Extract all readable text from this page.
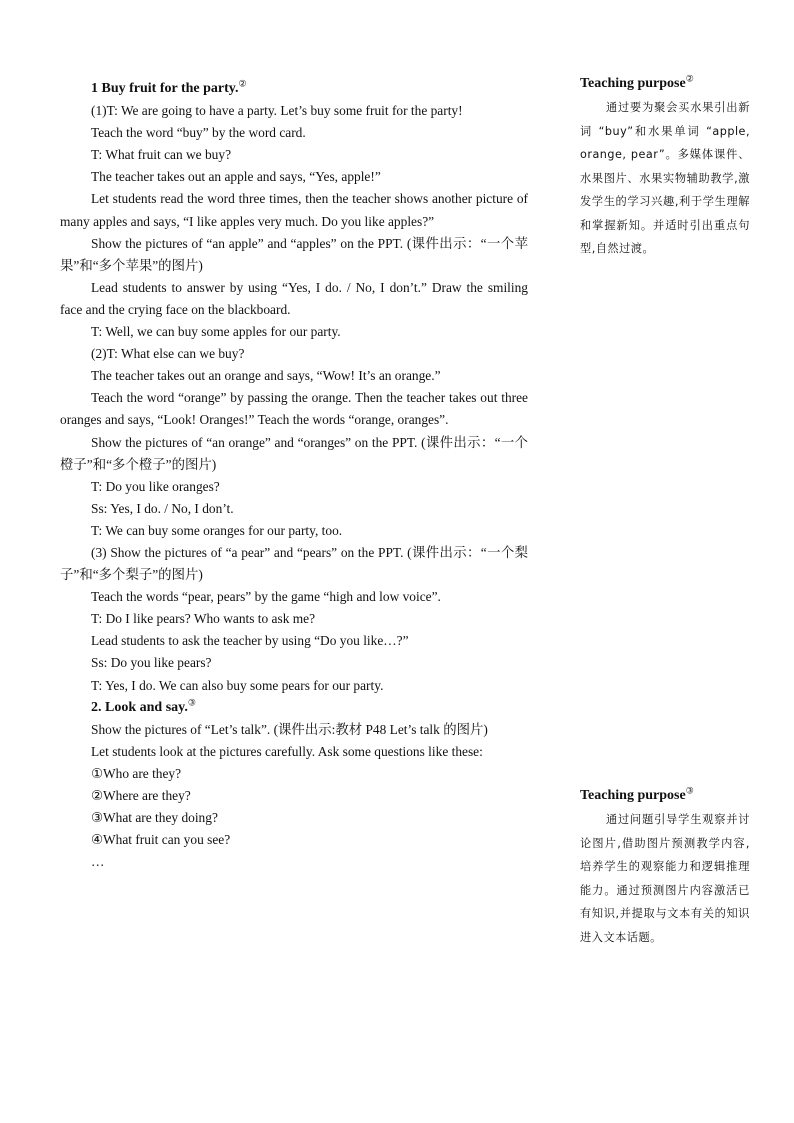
1 Buy fruit for the party.②

(1)T: We are going to have a party. Let’s buy some fruit for the party!

Teach the word “buy” by the word card.

T: What fruit can we buy?

The teacher takes out an apple and says, “Yes, apple!”

Let students read the word three times, then the teacher shows another picture of many apples and says, “I like apples very much. Do you like apples?”

Show the pictures of “an apple” and “apples” on the PPT. (课件出示：“一个苹果”和“多个苹果”的图片)

Lead students to answer by using “Yes, I do. / No, I don’t.” Draw the smiling face and the crying face on the blackboard.

T: Well, we can buy some apples for our party.

(2)T: What else can we buy?

The teacher takes out an orange and says, “Wow! It’s an orange.”

Teach the word “orange” by passing the orange. Then the teacher takes out three oranges and says, “Look! Oranges!” Teach the words “orange, oranges”.

Show the pictures of “an orange” and “oranges” on the PPT. (课件出示：“一个橙子”和“多个橙子”的图片)

T: Do you like oranges?

Ss: Yes, I do. / No, I don’t.

T: We can buy some oranges for our party, too.

(3) Show the pictures of “a pear” and “pears” on the PPT. (课件出示：“一个梨子”和“多个梨子”的图片)

Teach the words “pear, pears” by the game “high and low voice”.

T: Do I like pears? Who wants to ask me?

Lead students to ask the teacher by using “Do you like…?”

Ss: Do you like pears?

T: Yes, I do. We can also buy some pears for our party.

2. Look and say.③

Show the pictures of “Let’s talk”. (课件出示:教材 P48 Let’s talk 的图片)

Let students look at the pictures carefully. Ask some questions like these:

①Who are they?

②Where are they?

③What are they doing?

④What fruit can you see?

…

Teaching purpose②

通过要为聚会买水果引出新词 “buy”和水果单词 “apple, orange, pear”。多媒体课件、水果图片、水果实物辅助教学,激发学生的学习兴趣,利于学生理解和掌握新知。并适时引出重点句型,自然过渡。

Teaching purpose③

通过问题引导学生观察并讨论图片,借助图片预测教学内容,培养学生的观察能力和逻辑推理能力。通过预测图片内容激活已有知识,并提取与文本有关的知识进入文本话题。
